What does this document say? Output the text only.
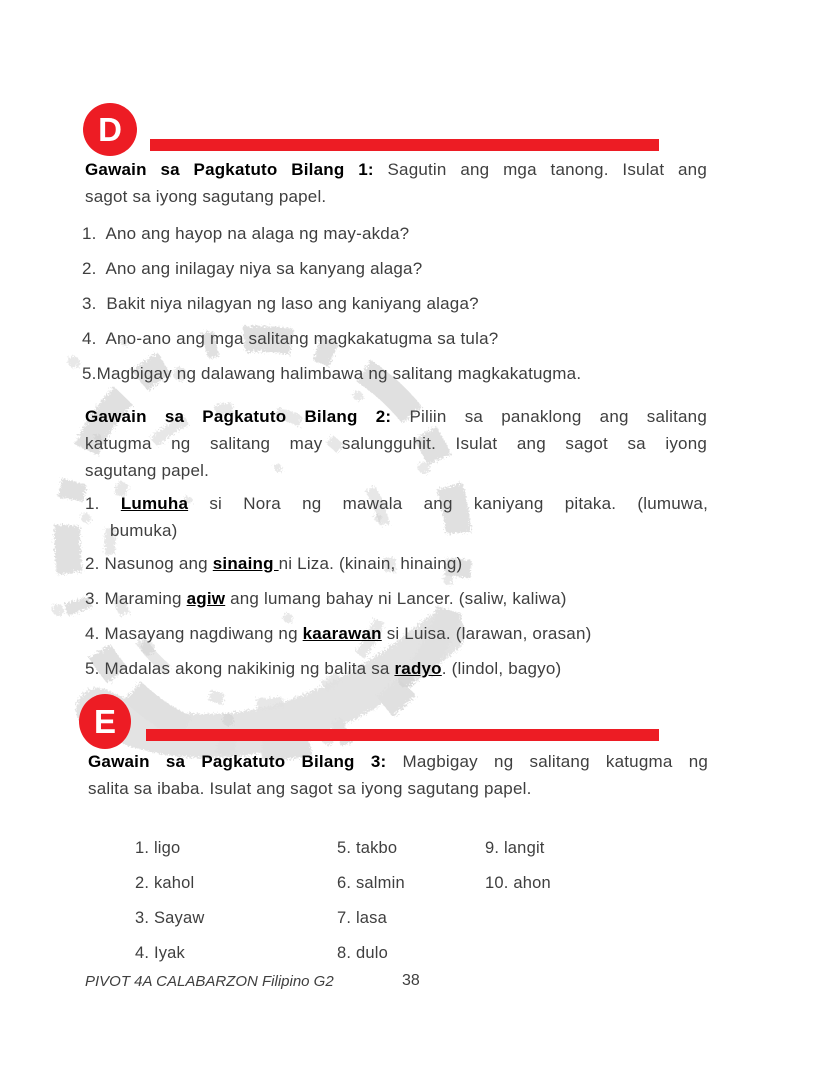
D
Gawain sa Pagkatuto Bilang 1: Sagutin ang mga tanong. Isulat ang
sagot sa iyong sagutang papel.
1.  Ano ang hayop na alaga ng may-akda?
2.  Ano ang inilagay niya sa kanyang alaga?
3.  Bakit niya nilagyan ng laso ang kaniyang alaga?
4.  Ano-ano ang mga salitang magkakatugma sa tula?
5.Magbigay ng dalawang halimbawa ng salitang magkakatugma.
Gawain sa Pagkatuto Bilang 2: Piliin sa panaklong ang salitang
katugma ng salitang may salungguhit. Isulat ang sagot sa iyong
sagutang papel.
1. Lumuha si Nora ng mawala ang kaniyang pitaka. (lumuwa,
bumuka)
2. Nasunog ang sinaing ni Liza. (kinain, hinaing)
3. Maraming agiw ang lumang bahay ni Lancer. (saliw, kaliwa)
4. Masayang nagdiwang ng kaarawan si Luisa. (larawan, orasan)
5. Madalas akong nakikinig ng balita sa radyo. (lindol, bagyo)
E
Gawain sa Pagkatuto Bilang 3: Magbigay ng salitang katugma ng
salita sa ibaba. Isulat ang sagot sa iyong sagutang papel.
1. ligo
2. kahol
3. Sayaw
4. Iyak
5. takbo
6. salmin
7. lasa
8. dulo
9. langit
10. ahon
PIVOT 4A CALABARZON Filipino G2	38
